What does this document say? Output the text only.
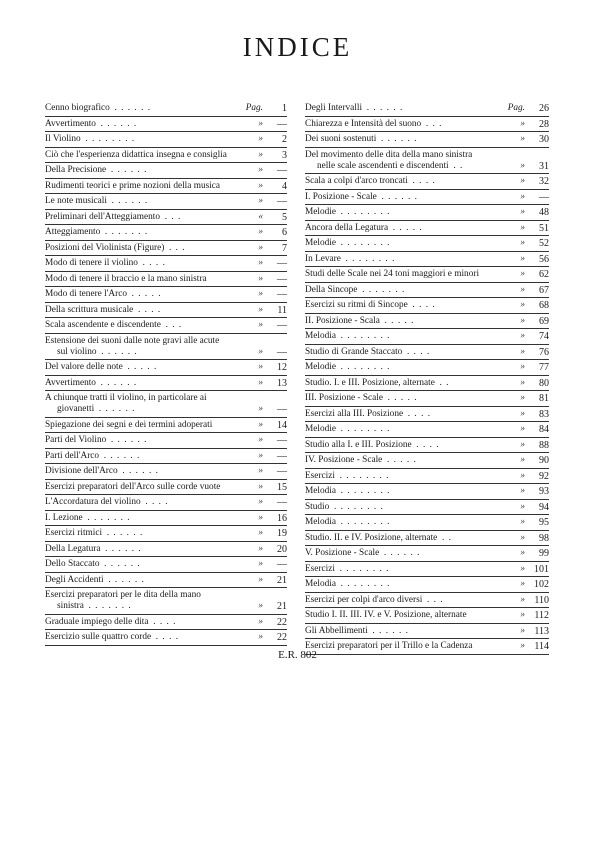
INDICE
Cenno biografico . . . . . .	Pag.	1
Avvertimento . . . . . .	»	—
Il Violino . . . . . . . .	»	2
Ciò che l'esperienza didattica insegna e consiglia	»	3
Della Precisione . . . . . .	»	—
Rudimenti teorici e prime nozioni della musica	»	4
Le note musicali . . . . . .	»	—
Preliminari dell'Atteggiamento . . .	«	5
Atteggiamento . . . . . . .	»	6
Posizioni del Violinista (Figure) . . .	»	7
Modo di tenere il violino . . . .	»	—
Modo di tenere il braccio e la mano sinistra	»	—
Modo di tenere l'Arco . . . . .	»	—
Della scrittura musicale . . . .	»	11
Scala ascendente e discendente . . .	»	—
Estensione dei suoni dalle note gravi alle acute
sul violino . . . . . .	»	—
Del valore delle note . . . . .	»	12
Avvertimento . . . . . .	»	13
A chiunque tratti il violino, in particolare ai
giovanetti . . . . . .	»	—
Spiegazione dei segni e dei termini adoperati	»	14
Parti del Violino . . . . . .	»	—
Parti dell'Arco . . . . . .	»	—
Divisione dell'Arco . . . . . .	»	—
Esercizi preparatori dell'Arco sulle corde vuote	»	15
L'Accordatura del violino . . . .	»	—
I. Lezione . . . . . . .	»	16
Esercizi ritmici . . . . . .	»	19
Della Legatura . . . . . .	»	20
Dello Staccato . . . . . .	»	—
Degli Accidenti . . . . . .	»	21
Esercizi preparatori per le dita della mano
sinistra . . . . . . .	»	21
Graduale impiego delle dita . . . .	»	22
Esercizio sulle quattro corde . . . .	»	22
Degli Intervalli . . . . . .	Pag.	26
Chiarezza e Intensità del suono . . .	»	28
Dei suoni sostenuti . . . . . .	»	30
Del movimento delle dita della mano sinistra
nelle scale ascendenti e discendenti . .	»	31
Scala a colpi d'arco troncati . . . .	»	32
I. Posizione - Scale . . . . . .	»	—
Melodie . . . . . . . .	»	48
Ancora della Legatura . . . . .	»	51
Melodie . . . . . . . .	»	52
In Levare . . . . . . . .	»	56
Studi delle Scale nei 24 toni maggiori e minori	»	62
Della Sincope . . . . . . .	»	67
Esercizi su ritmi di Sincope . . . .	»	68
II. Posizione - Scala . . . . .	»	69
Melodia . . . . . . . .	»	74
Studio di Grande Staccato . . . .	»	76
Melodie . . . . . . . .	»	77
Studio. I. e III. Posizione, alternate . .	»	80
III. Posizione - Scale . . . . .	»	81
Esercizi alla III. Posizione . . . .	»	83
Melodie . . . . . . . .	»	84
Studio alla I. e III. Posizione . . . .	»	88
IV. Posizione - Scale . . . . .	»	90
Esercizi . . . . . . . .	»	92
Melodia . . . . . . . .	»	93
Studio . . . . . . . .	»	94
Melodia . . . . . . . .	»	95
Studio. II. e IV. Posizione, alternate . .	»	98
V. Posizione - Scale . . . . . .	»	99
Esercizi . . . . . . . .	» 101
Melodia . . . . . . . .	» 102
Esercizi per colpi d'arco diversi . . .	» 110
Studio I. II. III. IV. e V. Posizione, alternate	» 112
Gli Abbellimenti . . . . . .	» 113
Esercizi preparatori per il Trillo e la Cadenza	» 114
E.R. 802
